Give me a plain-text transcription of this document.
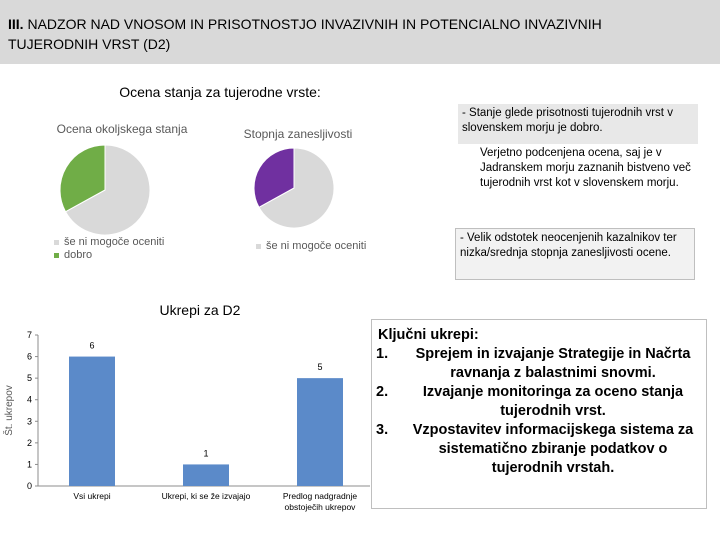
III. NADZOR NAD VNOSOM IN PRISOTNOSTJO INVAZIVNIH IN POTENCIALNO INVAZIVNIH
TUJERODNIH VRST (D2)
Ocena stanja za tujerodne vrste:
Ocena okoljskega stanja
še ni mogoče oceniti
dobro
Stopnja zanesljivosti
še ni mogoče oceniti
- Stanje glede prisotnosti tujerodnih vrst v slovenskem morju je dobro.
Verjetno podcenjena ocena, saj je v Jadranskem morju zaznanih bistveno več tujerodnih vrst kot v slovenskem morju.
- Velik odstotek neocenjenih kazalnikov ter nizka/srednja stopnja zanesljivosti ocene.
Ukrepi za D2
Št. ukrepov
0
1
2
3
4
5
6
7
6
Vsi ukrepi
1
Ukrepi, ki se že izvajajo
5
Predlog nadgradnje
obstoječih ukrepov
Ključni ukrepi:
1. Sprejem in izvajanje Strategije in Načrta ravnanja z balastnimi snovmi.
2. Izvajanje monitoringa za oceno stanja tujerodnih vrst.
3. Vzpostavitev informacijskega sistema za sistematično zbiranje podatkov o tujerodnih vrstah.
